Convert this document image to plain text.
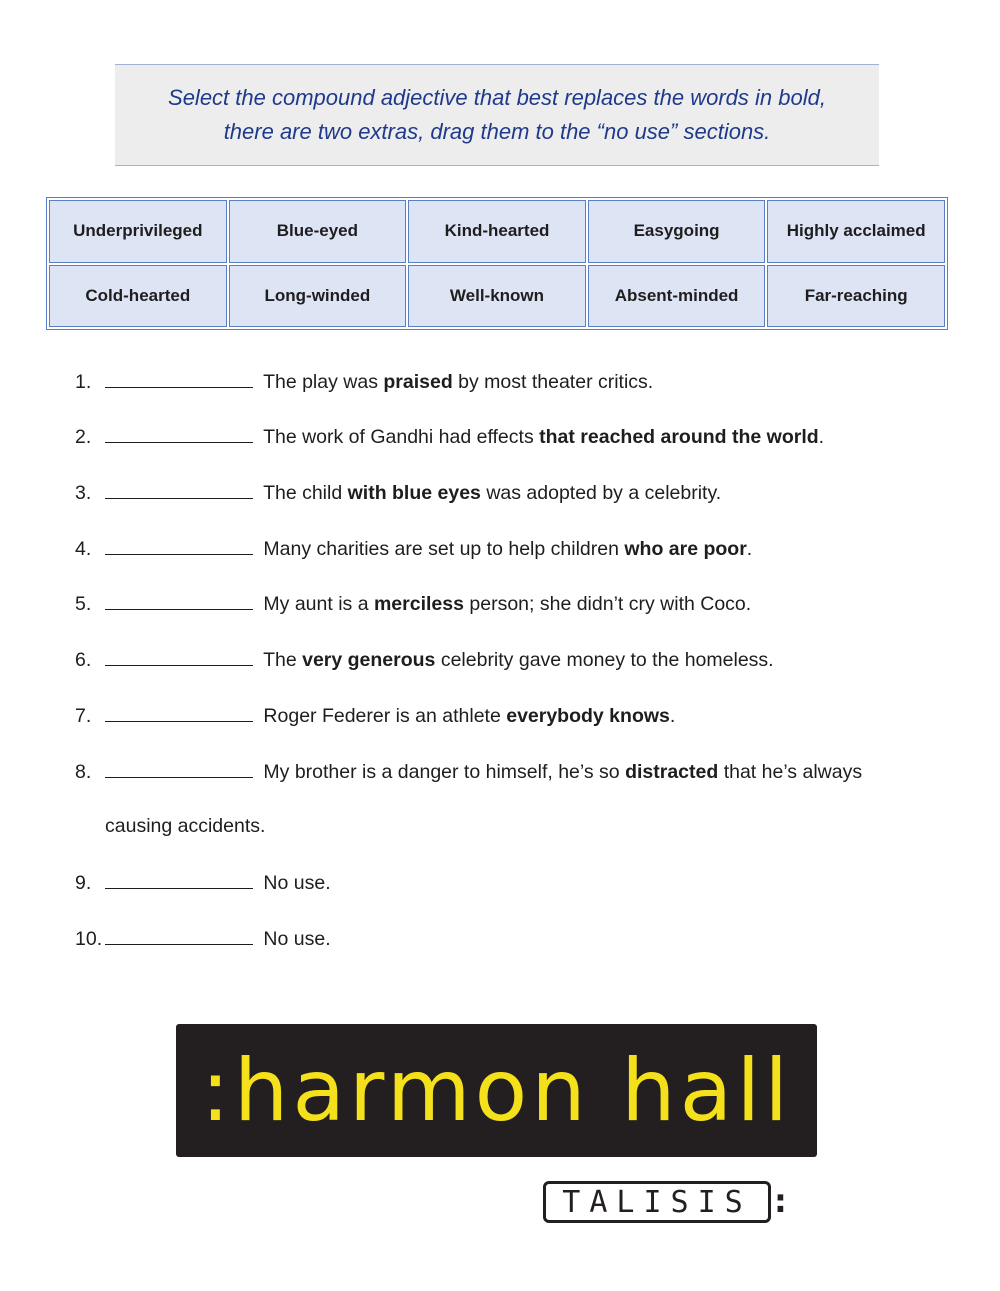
Select the compound adjective that best replaces the words in bold,
there are two extras, drag them to the “no use” sections.
Underprivileged	Blue-eyed	Kind-hearted	Easygoing	Highly acclaimed
Cold-hearted	Long-winded	Well-known	Absent-minded	Far-reaching
1.	The play was praised by most theater critics.
2.	The work of Gandhi had effects that reached around the world.
3.	The child with blue eyes was adopted by a celebrity.
4.	Many charities are set up to help children who are poor.
5.	My aunt is a merciless person; she didn’t cry with Coco.
6.	The very generous celebrity gave money to the homeless.
7.	Roger Federer is an athlete everybody knows.
8.	My brother is a danger to himself, he’s so distracted that he’s always
causing accidents.
9.	No use.
10.	No use.
:harmon hall
TALISIS :
